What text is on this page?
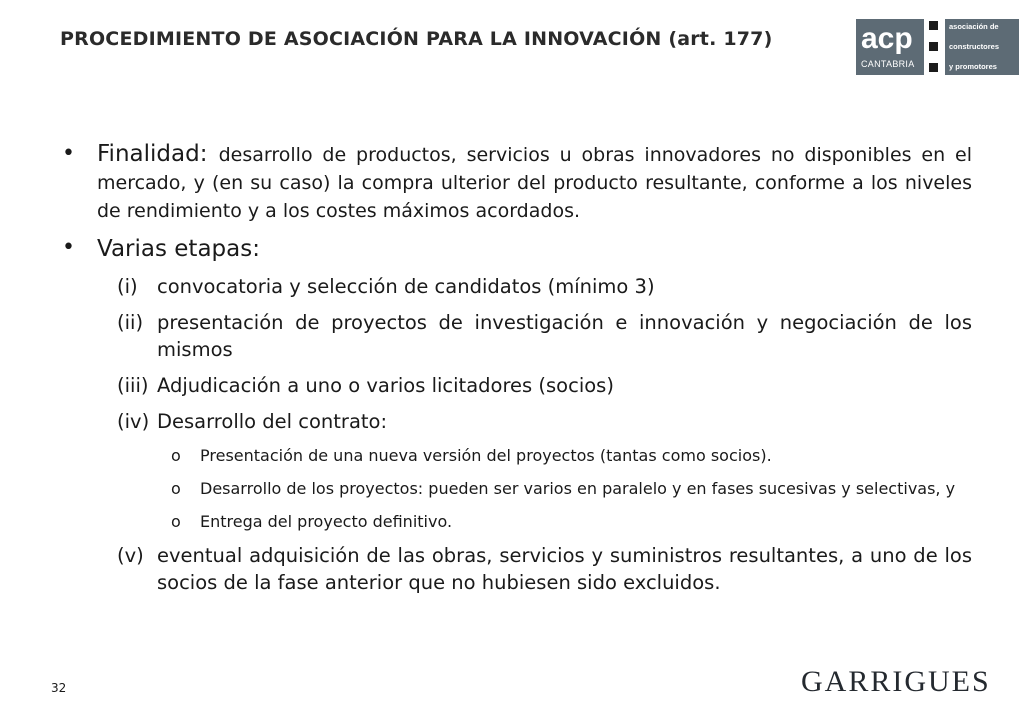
PROCEDIMIENTO DE ASOCIACIÓN PARA LA INNOVACIÓN (art. 177)	acp
CANTABRIA
asociación de
constructores
y promotores
• Finalidad: desarrollo de productos, servicios u obras innovadores no disponibles en el mercado, y (en su caso) la compra ulterior del producto resultante, conforme a los niveles de rendimiento y a los costes máximos acordados.
• Varias etapas:
(i) convocatoria y selección de candidatos (mínimo 3)
(ii) presentación de proyectos de investigación e innovación y negociación de los mismos
(iii) Adjudicación a uno o varios licitadores (socios)
(iv) Desarrollo del contrato:
o Presentación de una nueva versión del proyectos (tantas como socios).
o Desarrollo de los proyectos: pueden ser varios en paralelo y en fases sucesivas y selectivas, y
o Entrega del proyecto definitivo.
(v) eventual adquisición de las obras, servicios y suministros resultantes, a uno de los socios de la fase anterior que no hubiesen sido excluidos.
32	GARRIGUES
